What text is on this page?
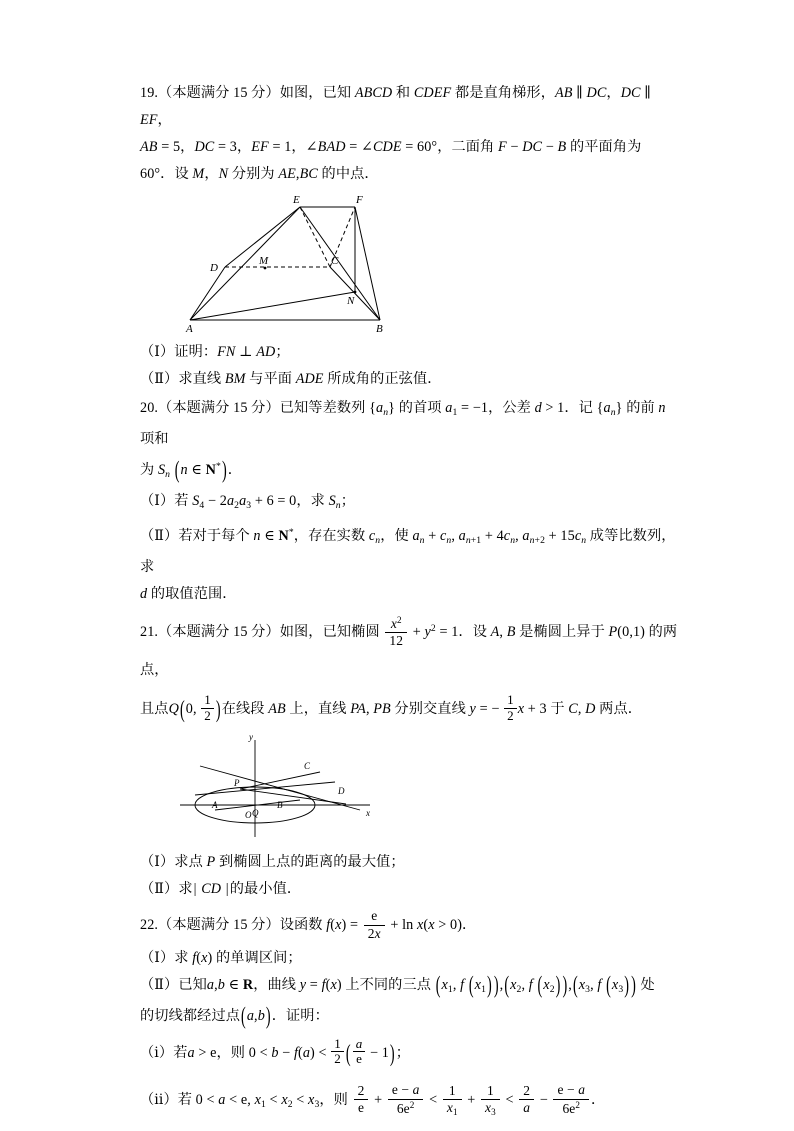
19.（本题满分 15 分）如图，已知 ABCD 和 CDEF 都是直角梯形，AB ∥ DC，DC ∥ EF，
AB = 5，DC = 3，EF = 1，∠BAD = ∠CDE = 60°，二面角 F − DC − B 的平面角为
60°．设 M，N 分别为 AE,BC 的中点．
E	F
D
M	C
N
A	B
（Ⅰ）证明：FN ⊥ AD；
（Ⅱ）求直线 BM 与平面 ADE 所成角的正弦值．
20.（本题满分 15 分）已知等差数列 $\{a_n\}$ 的首项 $a_1 = -1$，公差 d > 1．记 $\{a_n\}$ 的前 n 项和
为 $S_n$ (n ∈ N*)．
（Ⅰ）若 $S_4 - 2a_2a_3 + 6 = 0$，求 $S_n$；
（Ⅱ）若对于每个 n ∈ N*，存在实数 $c_n$，使 $a_n + c_n$, $a_{n+1} + 4c_n$, $a_{n+2} + 15c_n$ 成等比数列，求
d 的取值范围．
21.（本题满分 15 分）如图，已知椭圆 $\frac{x^2}{12} + y^2 = 1$．设 A, B 是椭圆上异于 P(0,1) 的两点，
且点Q(0, $\frac{1}{2}$ )在线段 AB 上，直线 PA, PB 分别交直线 y = − $\frac{1}{2}$ x + 3 于 C, D 两点．
y
x
C
P
D
A
Q
B
O
（Ⅰ）求点 P 到椭圆上点的距离的最大值；
（Ⅱ）求| CD |的最小值．
22.（本题满分 15 分）设函数 $f(x) = \frac{e}{2x} + \ln x(x > 0)$．
（Ⅰ）求 f(x) 的单调区间；
（Ⅱ）已知a,b ∈ R，曲线 y = f(x) 上不同的三点 ($x_1$, f $(x_1)$ )$,(x_2$, f $(x_2)$ )$,(x_3$, f $(x_3)$ ) 处
的切线都经过点(a,b)．证明：
（ⅰ）若a > e，则 $0 < b - f(a) < \frac{1}{2}$ ( $\frac{a}{e} - 1$)；
（ⅱ）若 0 < a < e, $x_1 < x_2 < x_3$，则 $\frac{2}{e} + \frac{e - a}{6e^2} < \frac{1}{x_1} + \frac{1}{x_3} < \frac{2}{a} - \frac{e - a}{6e^2}$ ．
